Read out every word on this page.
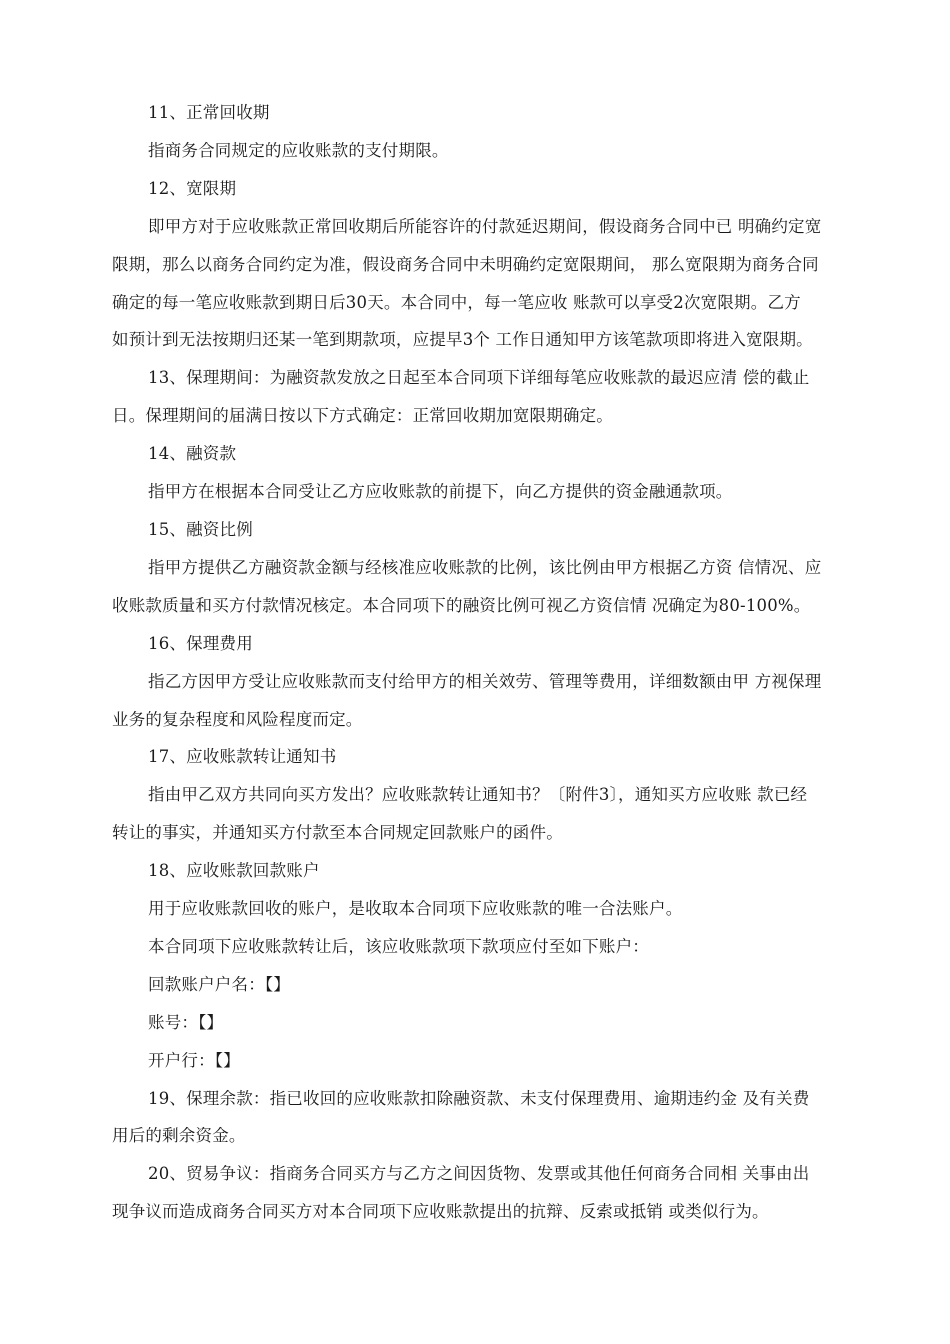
11、正常回收期

指商务合同规定的应收账款的支付期限。

12、宽限期

即甲方对于应收账款正常回收期后所能容许的付款延迟期间，假设商务合同中已 明确约定宽
限期，那么以商务合同约定为准，假设商务合同中未明确约定宽限期间， 那么宽限期为商务合同
确定的每一笔应收账款到期日后30天。本合同中，每一笔应收 账款可以享受2次宽限期。乙方
如预计到无法按期归还某一笔到期款项，应提早3个 工作日通知甲方该笔款项即将进入宽限期。

13、保理期间：为融资款发放之日起至本合同项下详细每笔应收账款的最迟应清 偿的截止
日。保理期间的届满日按以下方式确定：正常回收期加宽限期确定。

14、融资款

指甲方在根据本合同受让乙方应收账款的前提下，向乙方提供的资金融通款项。

15、融资比例

指甲方提供乙方融资款金额与经核准应收账款的比例，该比例由甲方根据乙方资 信情况、应
收账款质量和买方付款情况核定。本合同项下的融资比例可视乙方资信情 况确定为80-100%。

16、保理费用

指乙方因甲方受让应收账款而支付给甲方的相关效劳、管理等费用，详细数额由甲 方视保理
业务的复杂程度和风险程度而定。

17、应收账款转让通知书

指由甲乙双方共同向买方发出？应收账款转让通知书？〔附件3〕，通知买方应收账 款已经
转让的事实，并通知买方付款至本合同规定回款账户的函件。

18、应收账款回款账户

用于应收账款回收的账户，是收取本合同项下应收账款的唯一合法账户。

本合同项下应收账款转让后，该应收账款项下款项应付至如下账户：

回款账户户名：【】

账号：【】

开户行：【】

19、保理余款：指已收回的应收账款扣除融资款、未支付保理费用、逾期违约金 及有关费
用后的剩余资金。

20、贸易争议：指商务合同买方与乙方之间因货物、发票或其他任何商务合同相 关事由出
现争议而造成商务合同买方对本合同项下应收账款提出的抗辩、反索或抵销 或类似行为。
